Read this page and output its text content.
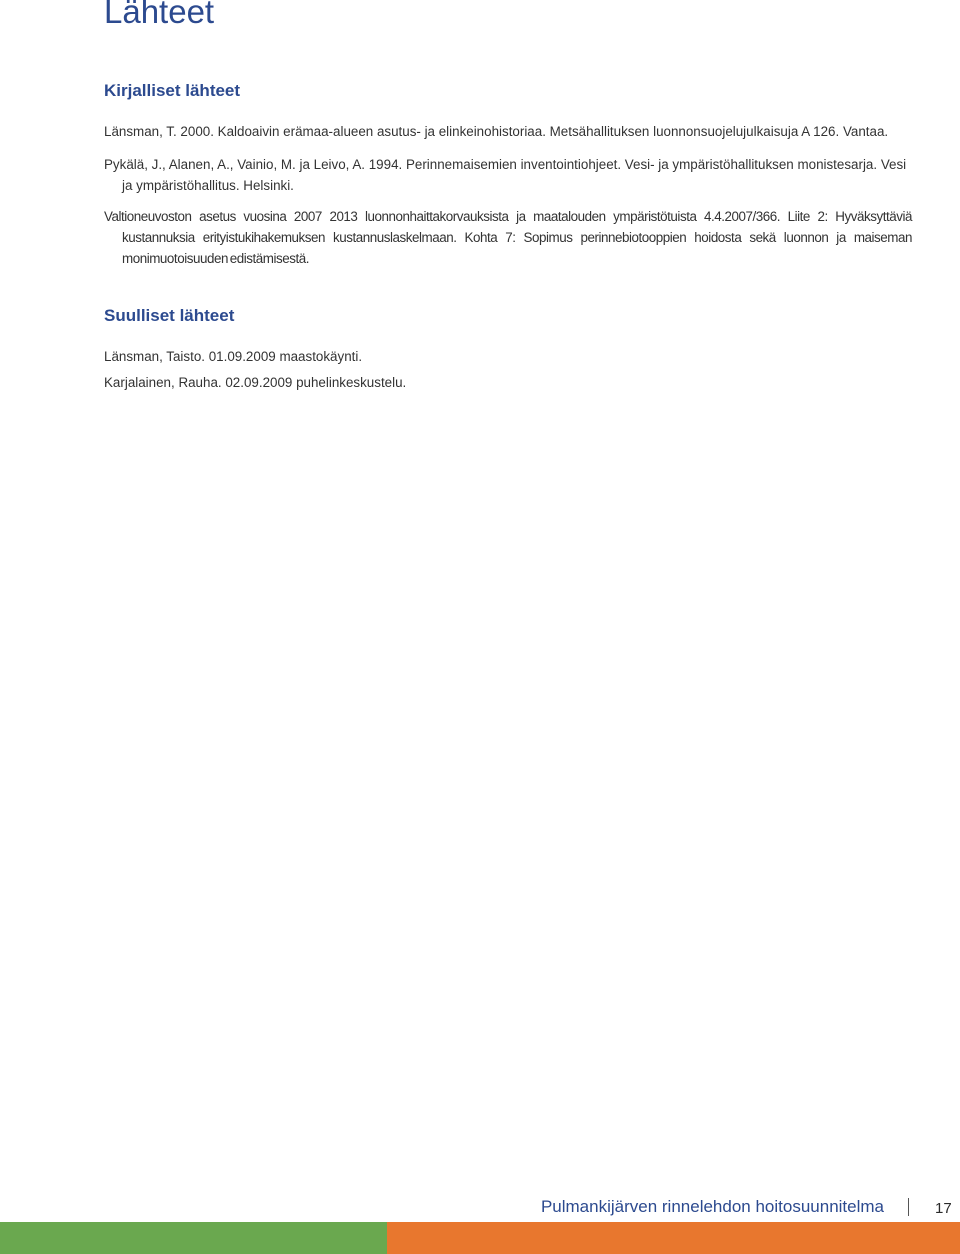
Lähteet
Kirjalliset lähteet

Länsman, T. 2000. Kaldoaivin erämaa-alueen asutus- ja elinkeinohistoriaa. Metsähallituksen luonnonsuojelujulkaisuja A 126. Vantaa.

Pykälä, J., Alanen, A., Vainio, M. ja Leivo, A. 1994. Perinnemaisemien inventointiohjeet. Vesi- ja ympäristöhallituksen monistesarja. Vesi ja ympäristöhallitus. Helsinki.

Valtioneuvoston asetus vuosina 2007 2013 luonnonhaittakorvauksista ja maatalouden ympäristötuista 4.4.2007/366. Liite 2: Hyväksyttäviä kustannuksia erityistukihakemuksen kustannuslaskelmaan. Kohta 7: Sopimus perinnebiotooppien hoidosta sekä luonnon ja maiseman monimuotoisuuden edistämisestä.

Suulliset lähteet

Länsman, Taisto. 01.09.2009 maastokäynti.

Karjalainen, Rauha. 02.09.2009 puhelinkeskustelu.

Pulmankijärven rinnelehdon hoitosuunnitelma	17
